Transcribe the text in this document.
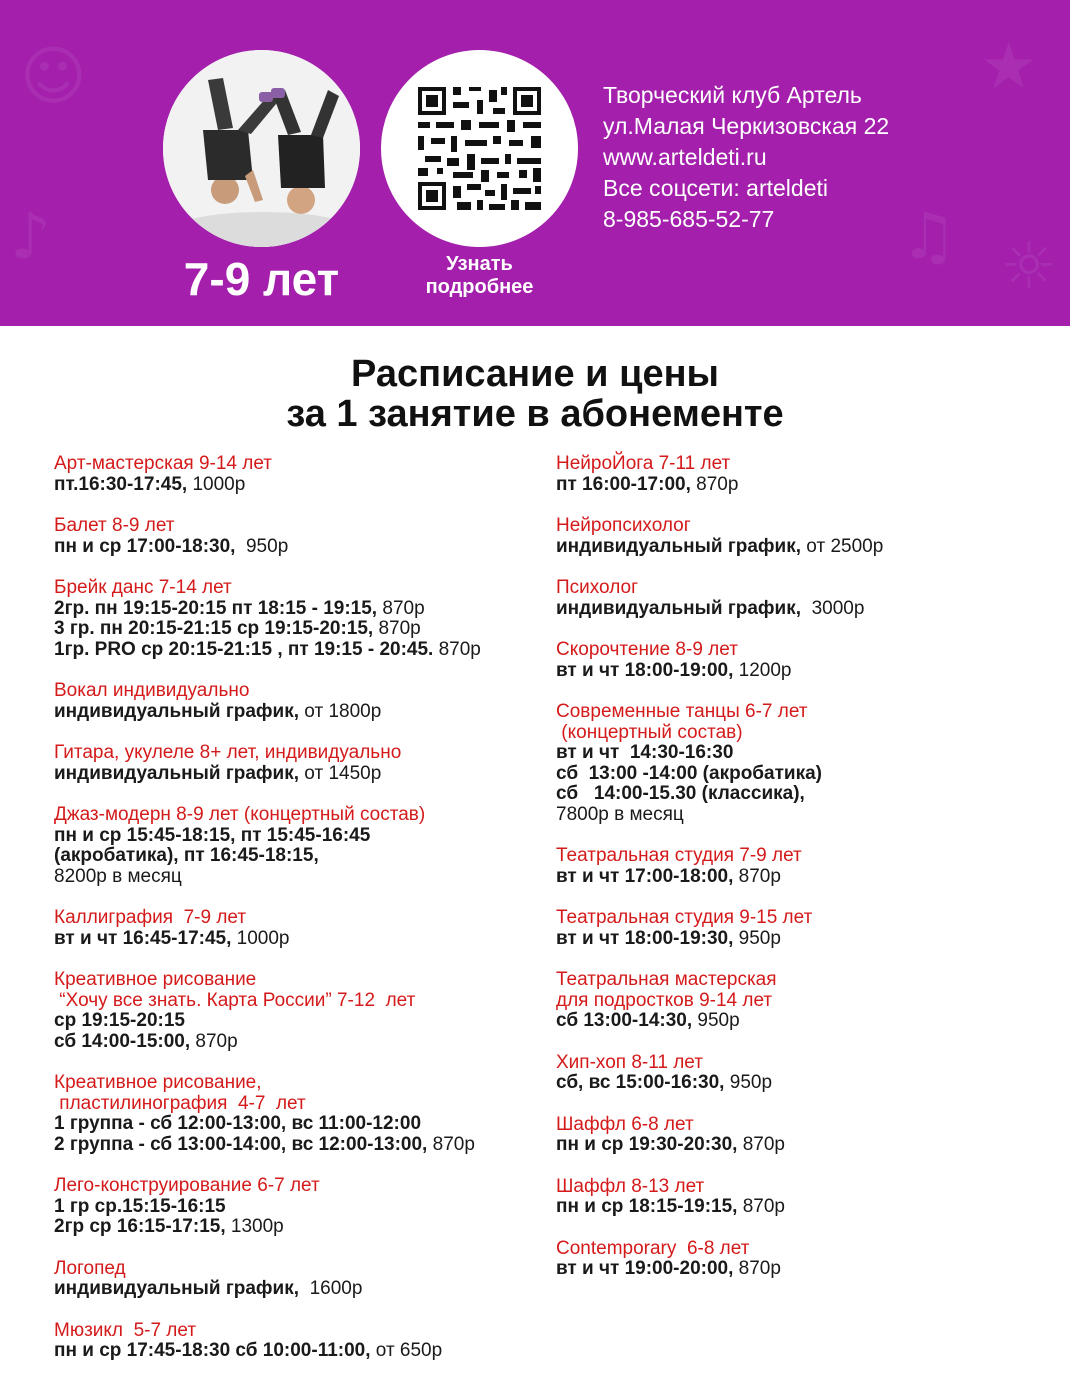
☺
♪
★
♫ ☼
7-9 лет	Узнать
подробнее
Творческий клуб Артель
ул.Малая Черкизовская 22
www.arteldeti.ru
Все соцсети: arteldeti
8-985-685-52-77
Расписание и цены
за 1 занятие в абонементе
Арт-мастерская 9-14 лет
пт.16:30-17:45, 1000р
Балет 8-9 лет
пн и ср 17:00-18:30,  950р
Брейк данс 7-14 лет
2гр. пн 19:15-20:15 пт 18:15 - 19:15, 870р
3 гр. пн 20:15-21:15 ср 19:15-20:15, 870р
1гр. PRO ср 20:15-21:15 , пт 19:15 - 20:45. 870р
Вокал индивидуально
индивидуальный график, от 1800р
Гитара, укулеле 8+ лет, индивидуально
индивидуальный график, от 1450р
Джаз-модерн 8-9 лет (концертный состав)
пн и ср 15:45-18:15, пт 15:45-16:45
(акробатика), пт 16:45-18:15,
8200р в месяц
Каллиграфия  7-9 лет
вт и чт 16:45-17:45, 1000р
Креативное рисование
“Хочу все знать. Карта России” 7-12  лет
ср 19:15-20:15
сб 14:00-15:00, 870р
Креативное рисование,
пластилинография  4-7  лет
1 группа - сб 12:00-13:00, вс 11:00-12:00
2 группа - сб 13:00-14:00, вс 12:00-13:00, 870р
Лего-конструирование 6-7 лет
1 гр ср.15:15-16:15
2гр ср 16:15-17:15, 1300р
Логопед
индивидуальный график,  1600р
Мюзикл  5-7 лет
пн и ср 17:45-18:30 сб 10:00-11:00, от 650р
НейроЙога 7-11 лет
пт 16:00-17:00, 870р
Нейропсихолог
индивидуальный график, от 2500р
Психолог
индивидуальный график,  3000р
Скорочтение 8-9 лет
вт и чт 18:00-19:00, 1200р
Современные танцы 6-7 лет
(концертный состав)
вт и чт  14:30-16:30
сб  13:00 -14:00 (акробатика)
сб   14:00-15.30 (классика),
7800р в месяц
Театральная студия 7-9 лет
вт и чт 17:00-18:00, 870р
Театральная студия 9-15 лет
вт и чт 18:00-19:30, 950р
Театральная мастерская
для подростков 9-14 лет
сб 13:00-14:30, 950р
Хип-хоп 8-11 лет
сб, вс 15:00-16:30, 950р
Шаффл 6-8 лет
пн и ср 19:30-20:30, 870р
Шаффл 8-13 лет
пн и ср 18:15-19:15, 870р
Contemporary  6-8 лет
вт и чт 19:00-20:00, 870р
